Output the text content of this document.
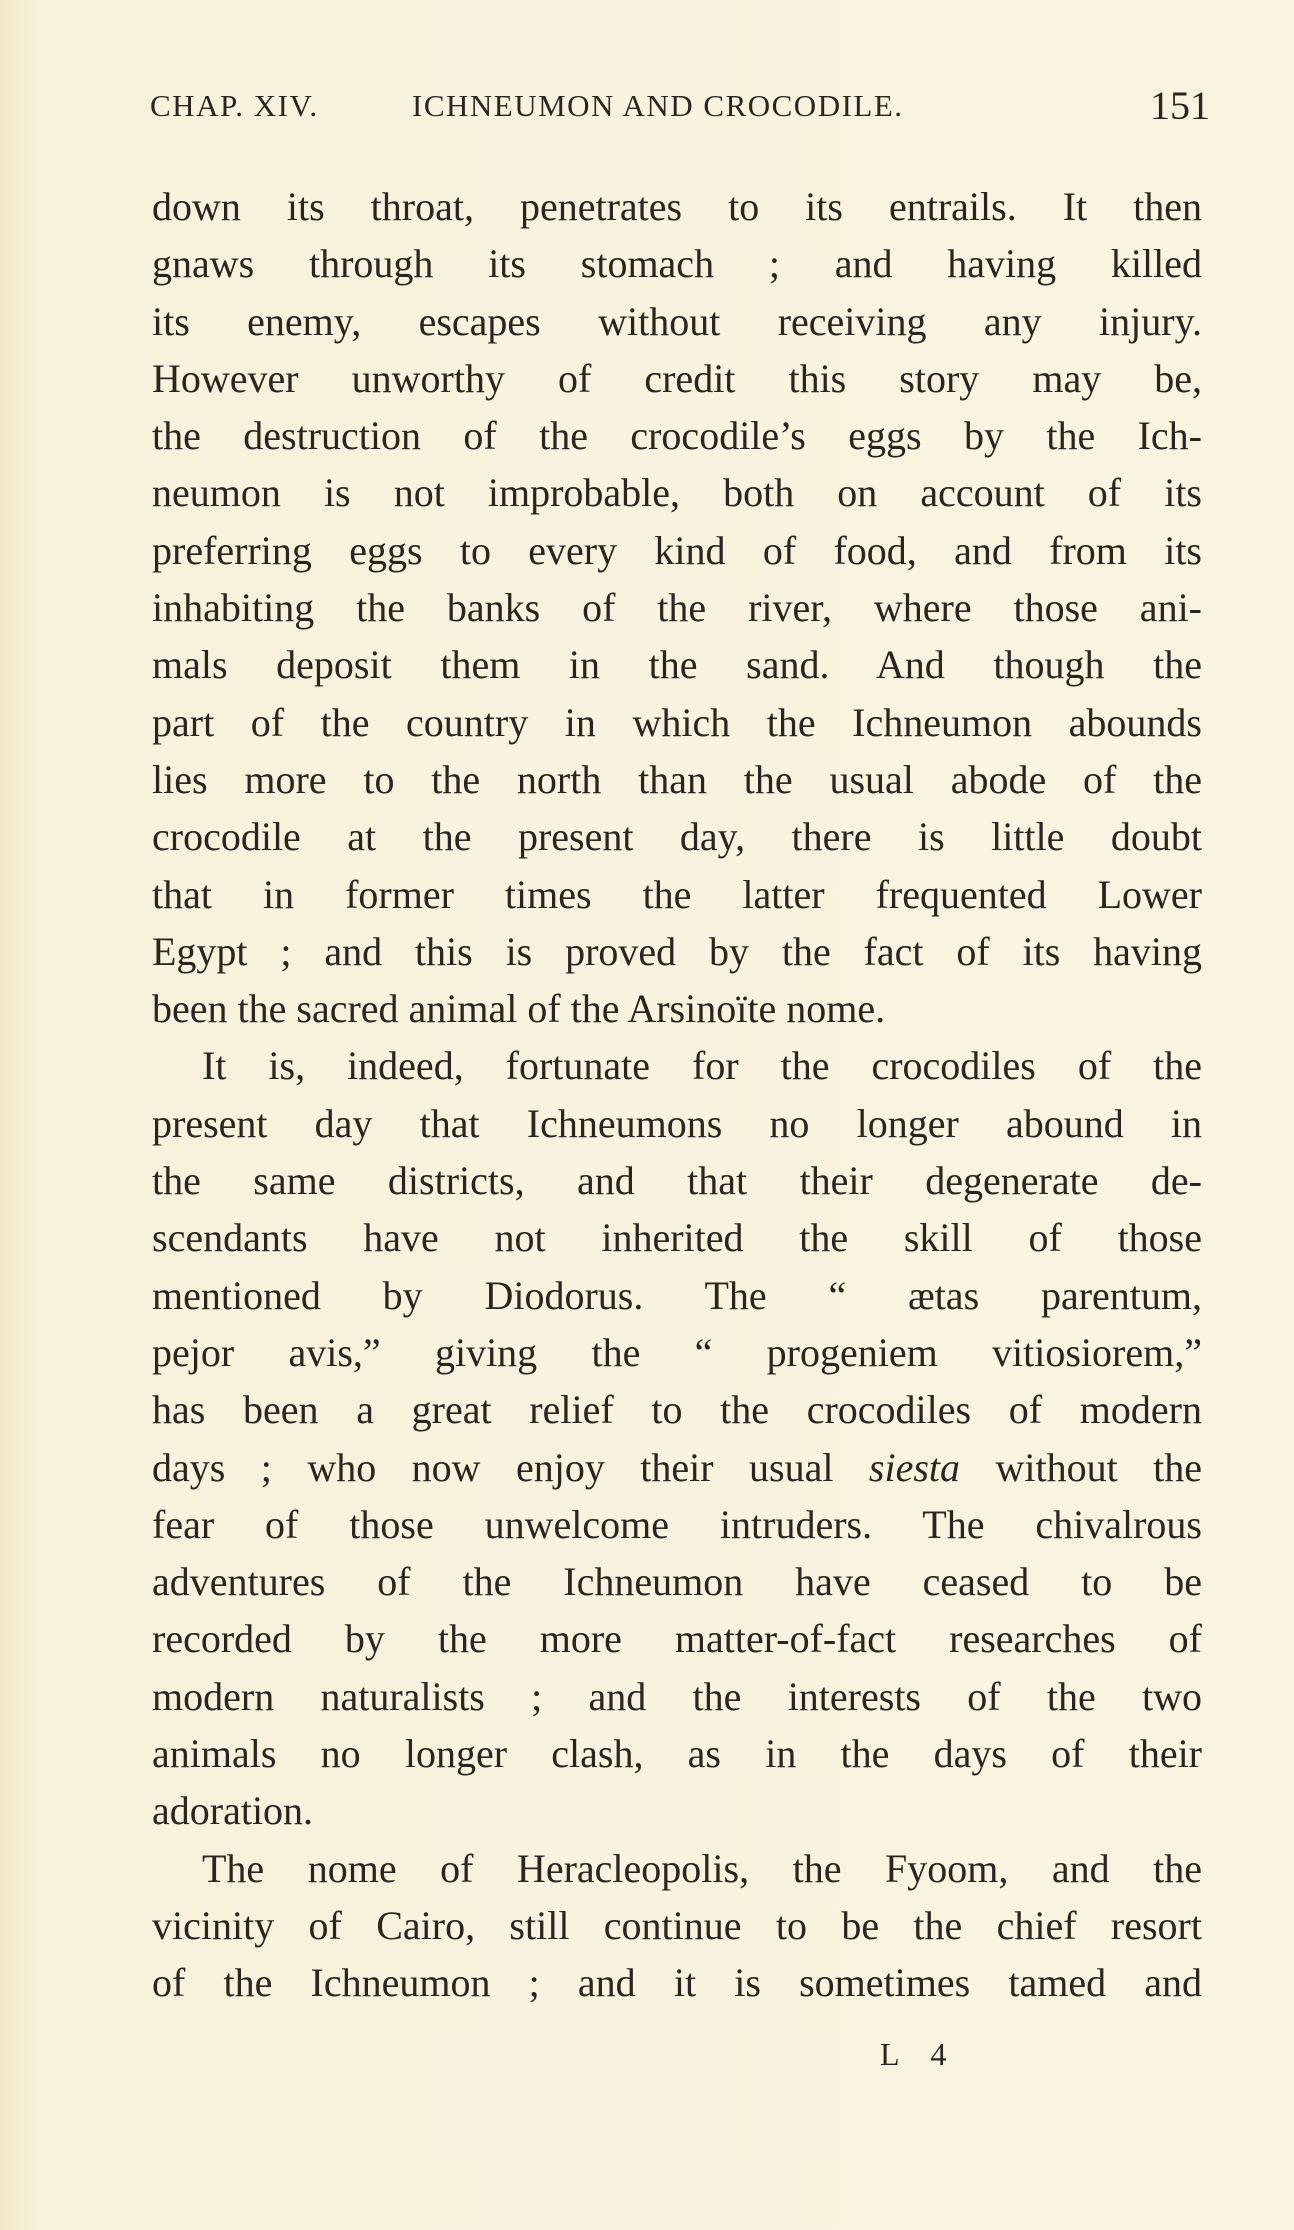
CHAP. XIV.	ICHNEUMON AND CROCODILE.	151
down its throat, penetrates to its entrails. It then
gnaws through its stomach ; and having killed
its enemy, escapes without receiving any injury.
However unworthy of credit this story may be,
the destruction of the crocodile’s eggs by the Ich-
neumon is not improbable, both on account of its
preferring eggs to every kind of food, and from its
inhabiting the banks of the river, where those ani-
mals deposit them in the sand. And though the
part of the country in which the Ichneumon abounds
lies more to the north than the usual abode of the
crocodile at the present day, there is little doubt
that in former times the latter frequented Lower
Egypt ; and this is proved by the fact of its having
been the sacred animal of the Arsinoïte nome.
It is, indeed, fortunate for the crocodiles of the
present day that Ichneumons no longer abound in
the same districts, and that their degenerate de-
scendants have not inherited the skill of those
mentioned by Diodorus. The “ ætas parentum,
pejor avis,” giving the “ progeniem vitiosiorem,”
has been a great relief to the crocodiles of modern
days ; who now enjoy their usual siesta without the
fear of those unwelcome intruders. The chivalrous
adventures of the Ichneumon have ceased to be
recorded by the more matter-of-fact researches of
modern naturalists ; and the interests of the two
animals no longer clash, as in the days of their
adoration.
The nome of Heracleopolis, the Fyoom, and the
vicinity of Cairo, still continue to be the chief resort
of the Ichneumon ; and it is sometimes tamed and
L 4
